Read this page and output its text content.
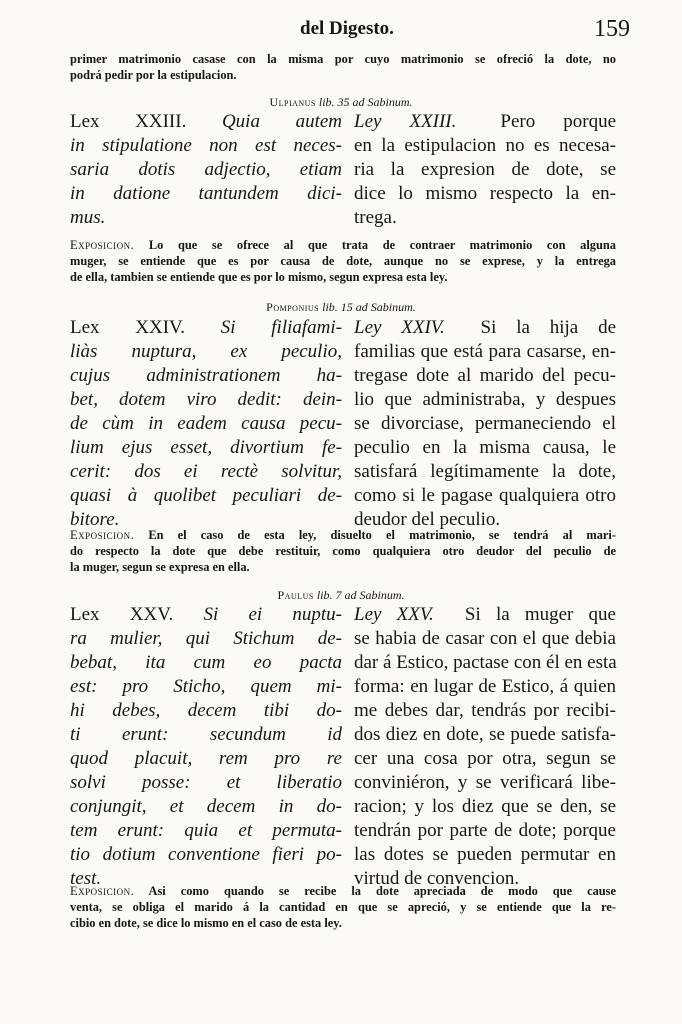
del Digesto.	159
primer matrimonio casase con la misma por cuyo matrimonio se ofreció la dote, no
podrá pedir por la estipulacion.
Ulpianus lib. 35 ad Sabinum.
Lex XXIII. Quia autem
in stipulatione non est neces-
saria dotis adjectio, etiam
in datione tantundem dici-
mus.
Ley XXIII. Pero porque
en la estipulacion no es necesa-
ria la expresion de dote, se
dice lo mismo respecto la en-
trega.
Exposicion. Lo que se ofrece al que trata de contraer matrimonio con alguna
muger, se entiende que es por causa de dote, aunque no se exprese, y la entrega
de ella, tambien se entiende que es por lo mismo, segun expresa esta ley.
Pomponius lib. 15 ad Sabinum.
Lex XXIV. Si filiafami-
liàs nuptura, ex peculio,
cujus administrationem ha-
bet, dotem viro dedit: dein-
de cùm in eadem causa pecu-
lium ejus esset, divortium fe-
cerit: dos ei rectè solvitur,
quasi à quolibet peculiari de-
bitore.
Ley XXIV. Si la hija de
familias que está para casarse, en-
tregase dote al marido del pecu-
lio que administraba, y despues
se divorciase, permaneciendo el
peculio en la misma causa, le
satisfará legítimamente la dote,
como si le pagase qualquiera otro
deudor del peculio.
Exposicion. En el caso de esta ley, disuelto el matrimonio, se tendrá al mari-
do respecto la dote que debe restituir, como qualquiera otro deudor del peculio de
la muger, segun se expresa en ella.
Paulus lib. 7 ad Sabinum.
Lex XXV. Si ei nuptu-
ra mulier, qui Stichum de-
bebat, ita cum eo pacta
est: pro Sticho, quem mi-
hi debes, decem tibi do-
ti erunt: secundum id
quod placuit, rem pro re
solvi posse: et liberatio
conjungit, et decem in do-
tem erunt: quia et permuta-
tio dotium conventione fieri po-
test.
Ley XXV. Si la muger que
se habia de casar con el que debia
dar á Estico, pactase con él en esta
forma: en lugar de Estico, á quien
me debes dar, tendrás por recibi-
dos diez en dote, se puede satisfa-
cer una cosa por otra, segun se
conviniéron, y se verificará libe-
racion; y los diez que se den, se
tendrán por parte de dote; porque
las dotes se pueden permutar en
virtud de convencion.
Exposicion. Asi como quando se recibe la dote apreciada de modo que cause
venta, se obliga el marido á la cantidad en que se apreció, y se entiende que la re-
cibio en dote, se dice lo mismo en el caso de esta ley.
